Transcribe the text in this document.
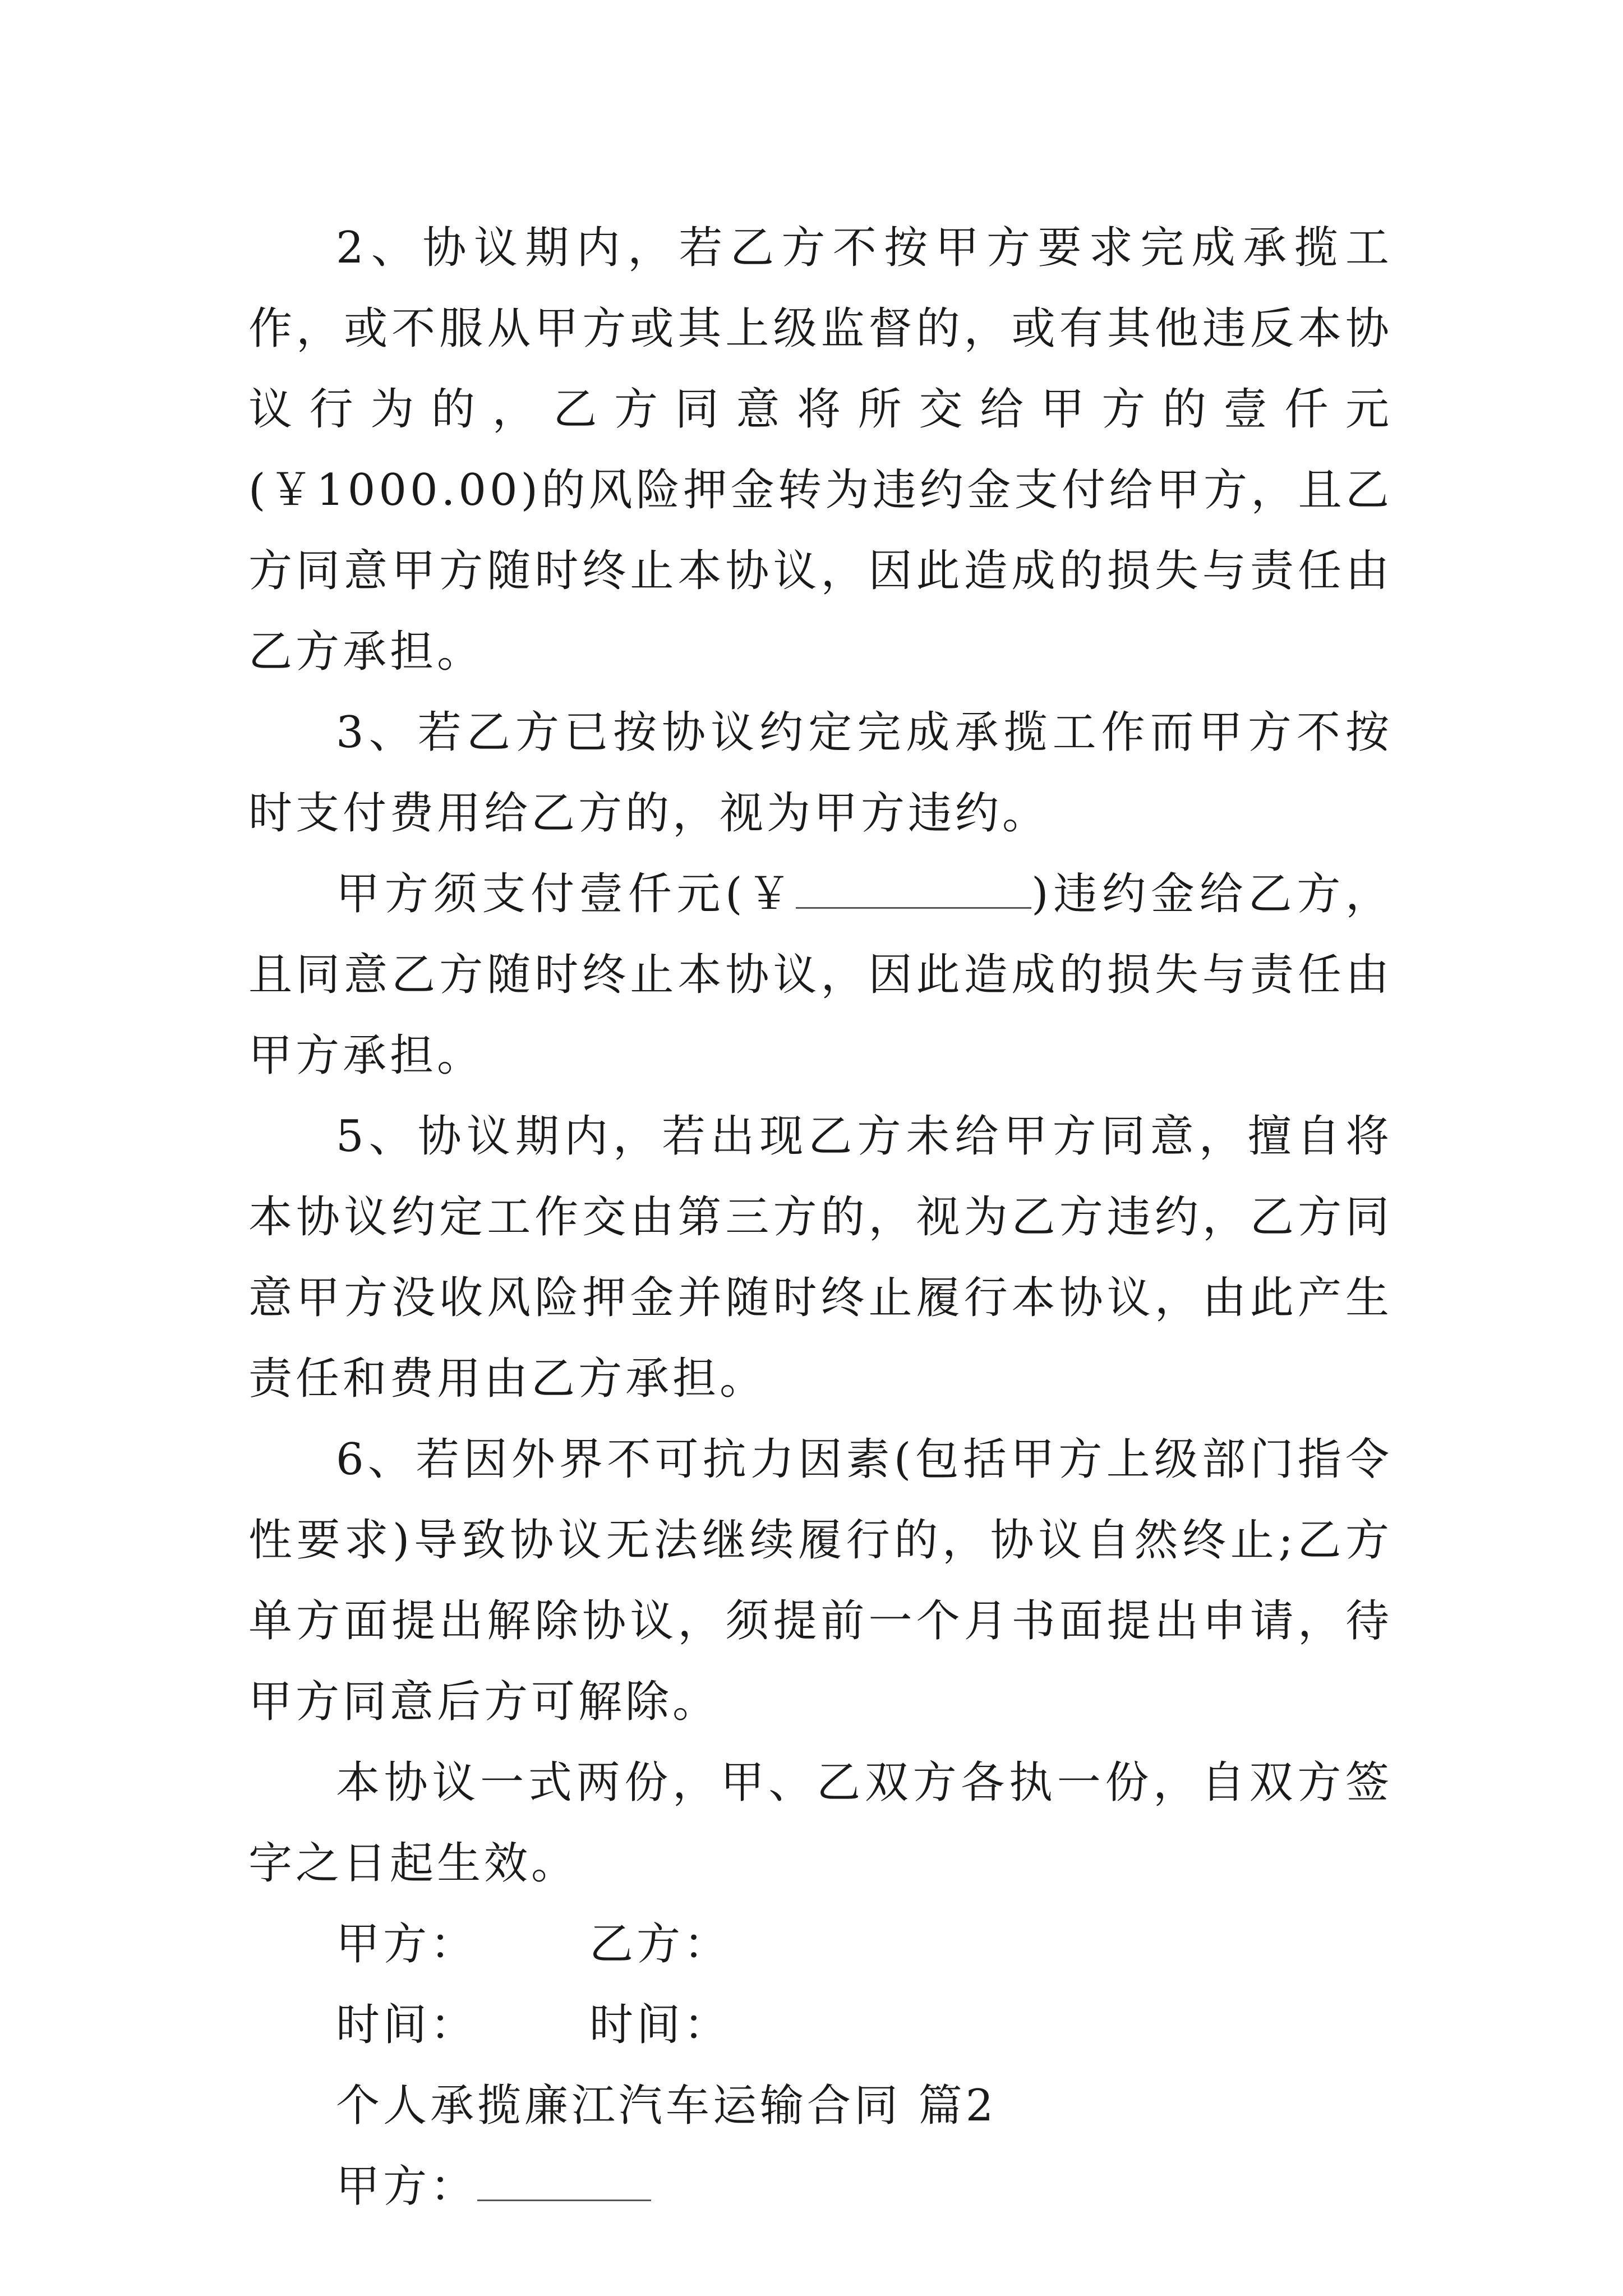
2、协议期内，若乙方不按甲方要求完成承揽工作，或不服从甲方或其上级监督的，或有其他违反本协议行为的，乙方同意将所交给甲方的壹仟元(￥1000.00)的风险押金转为违约金支付给甲方，且乙方同意甲方随时终止本协议，因此造成的损失与责任由乙方承担。

3、若乙方已按协议约定完成承揽工作而甲方不按时支付费用给乙方的，视为甲方违约。

甲方须支付壹仟元(￥	)违约金给乙方，且同意乙方随时终止本协议，因此造成的损失与责任由甲方承担。

5、协议期内，若出现乙方未给甲方同意，擅自将本协议约定工作交由第三方的，视为乙方违约，乙方同意甲方没收风险押金并随时终止履行本协议，由此产生责任和费用由乙方承担。

6、若因外界不可抗力因素(包括甲方上级部门指令性要求)导致协议无法继续履行的，协议自然终止;乙方单方面提出解除协议，须提前一个月书面提出申请，待甲方同意后方可解除。

本协议一式两份，甲、乙双方各执一份，自双方签字之日起生效。

甲方：	乙方：

时间：	时间：

个人承揽廉江汽车运输合同 篇2

甲方：
